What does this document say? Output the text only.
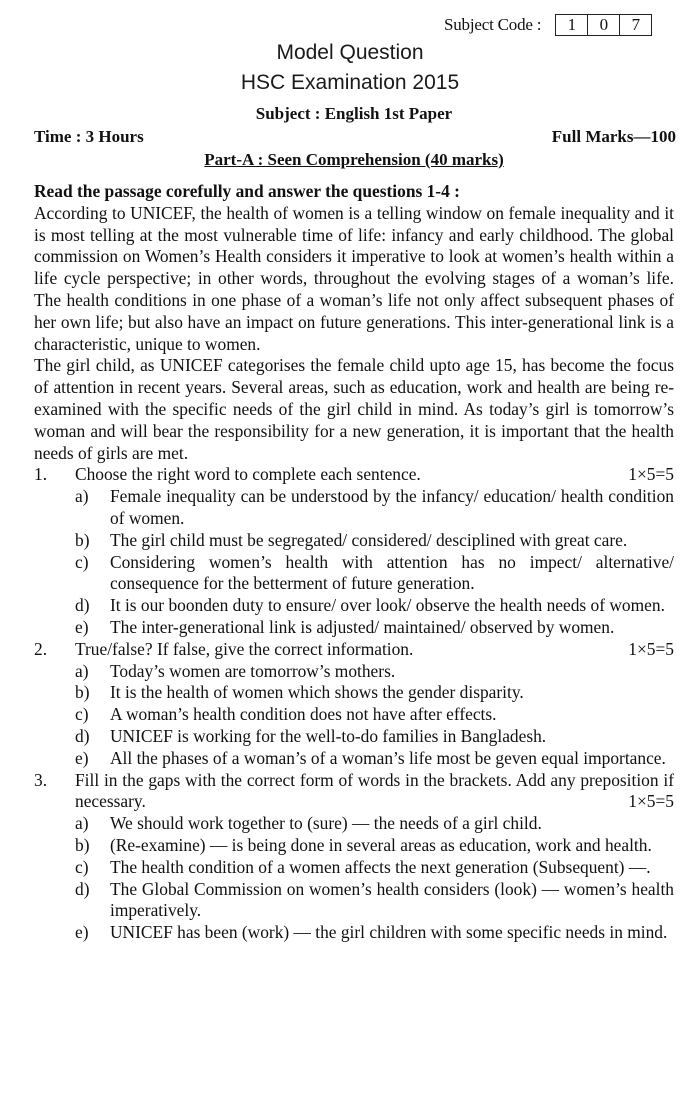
Subject Code :	1	0	7
Model Question
HSC Examination 2015
Subject : English 1st Paper
Time : 3 Hours	Full Marks—100
Part-A : Seen Comprehension (40 marks)
Read the passage corefully and answer the questions 1-4 :

According to UNICEF, the health of women is a telling window on female inequality and it is most telling at the most vulnerable time of life: infancy and early childhood. The global commission on Women’s Health considers it imperative to look at women’s health within a life cycle perspective; in other words, throughout the evolving stages of a woman’s life. The health conditions in one phase of a woman’s life not only affect subsequent phases of her own life; but also have an impact on future generations. This inter-generational link is a characteristic, unique to women.

The girl child, as UNICEF categorises the female child upto age 15, has become the focus of attention in recent years. Several areas, such as education, work and health are being re-examined with the specific needs of the girl child in mind. As today’s girl is tomorrow’s woman and will bear the responsibility for a new generation, it is important that the health needs of girls are met.

1.	Choose the right word to complete each sentence.	1×5=5
a)	Female inequality can be understood by the infancy/ education/ health condition of women.
b)	The girl child must be segregated/ considered/ desciplined with great care.
c)	Considering women’s health with attention has no impect/ alternative/ consequence for the betterment of future generation.
d)	It is our boonden duty to ensure/ over look/ observe the health needs of women.
e)	The inter-generational link is adjusted/ maintained/ observed by women.
2.	True/false? If false, give the correct information.	1×5=5
a)	Today’s women are tomorrow’s mothers.
b)	It is the health of women which shows the gender disparity.
c)	A woman’s health condition does not have after effects.
d)	UNICEF is working for the well-to-do families in Bangladesh.
e)	All the phases of a woman’s of a woman’s life most be geven equal importance.
3.	Fill in the gaps with the correct form of words in the brackets. Add any preposition if necessary.	1×5=5
a)	We should work together to (sure) — the needs of a girl child.
b)	(Re-examine) — is being done in several areas as education, work and health.
c)	The health condition of a women affects the next generation (Subsequent) —.
d)	The Global Commission on women’s health considers (look) — women’s health imperatively.
e)	UNICEF has been (work) — the girl children with some specific needs in mind.
